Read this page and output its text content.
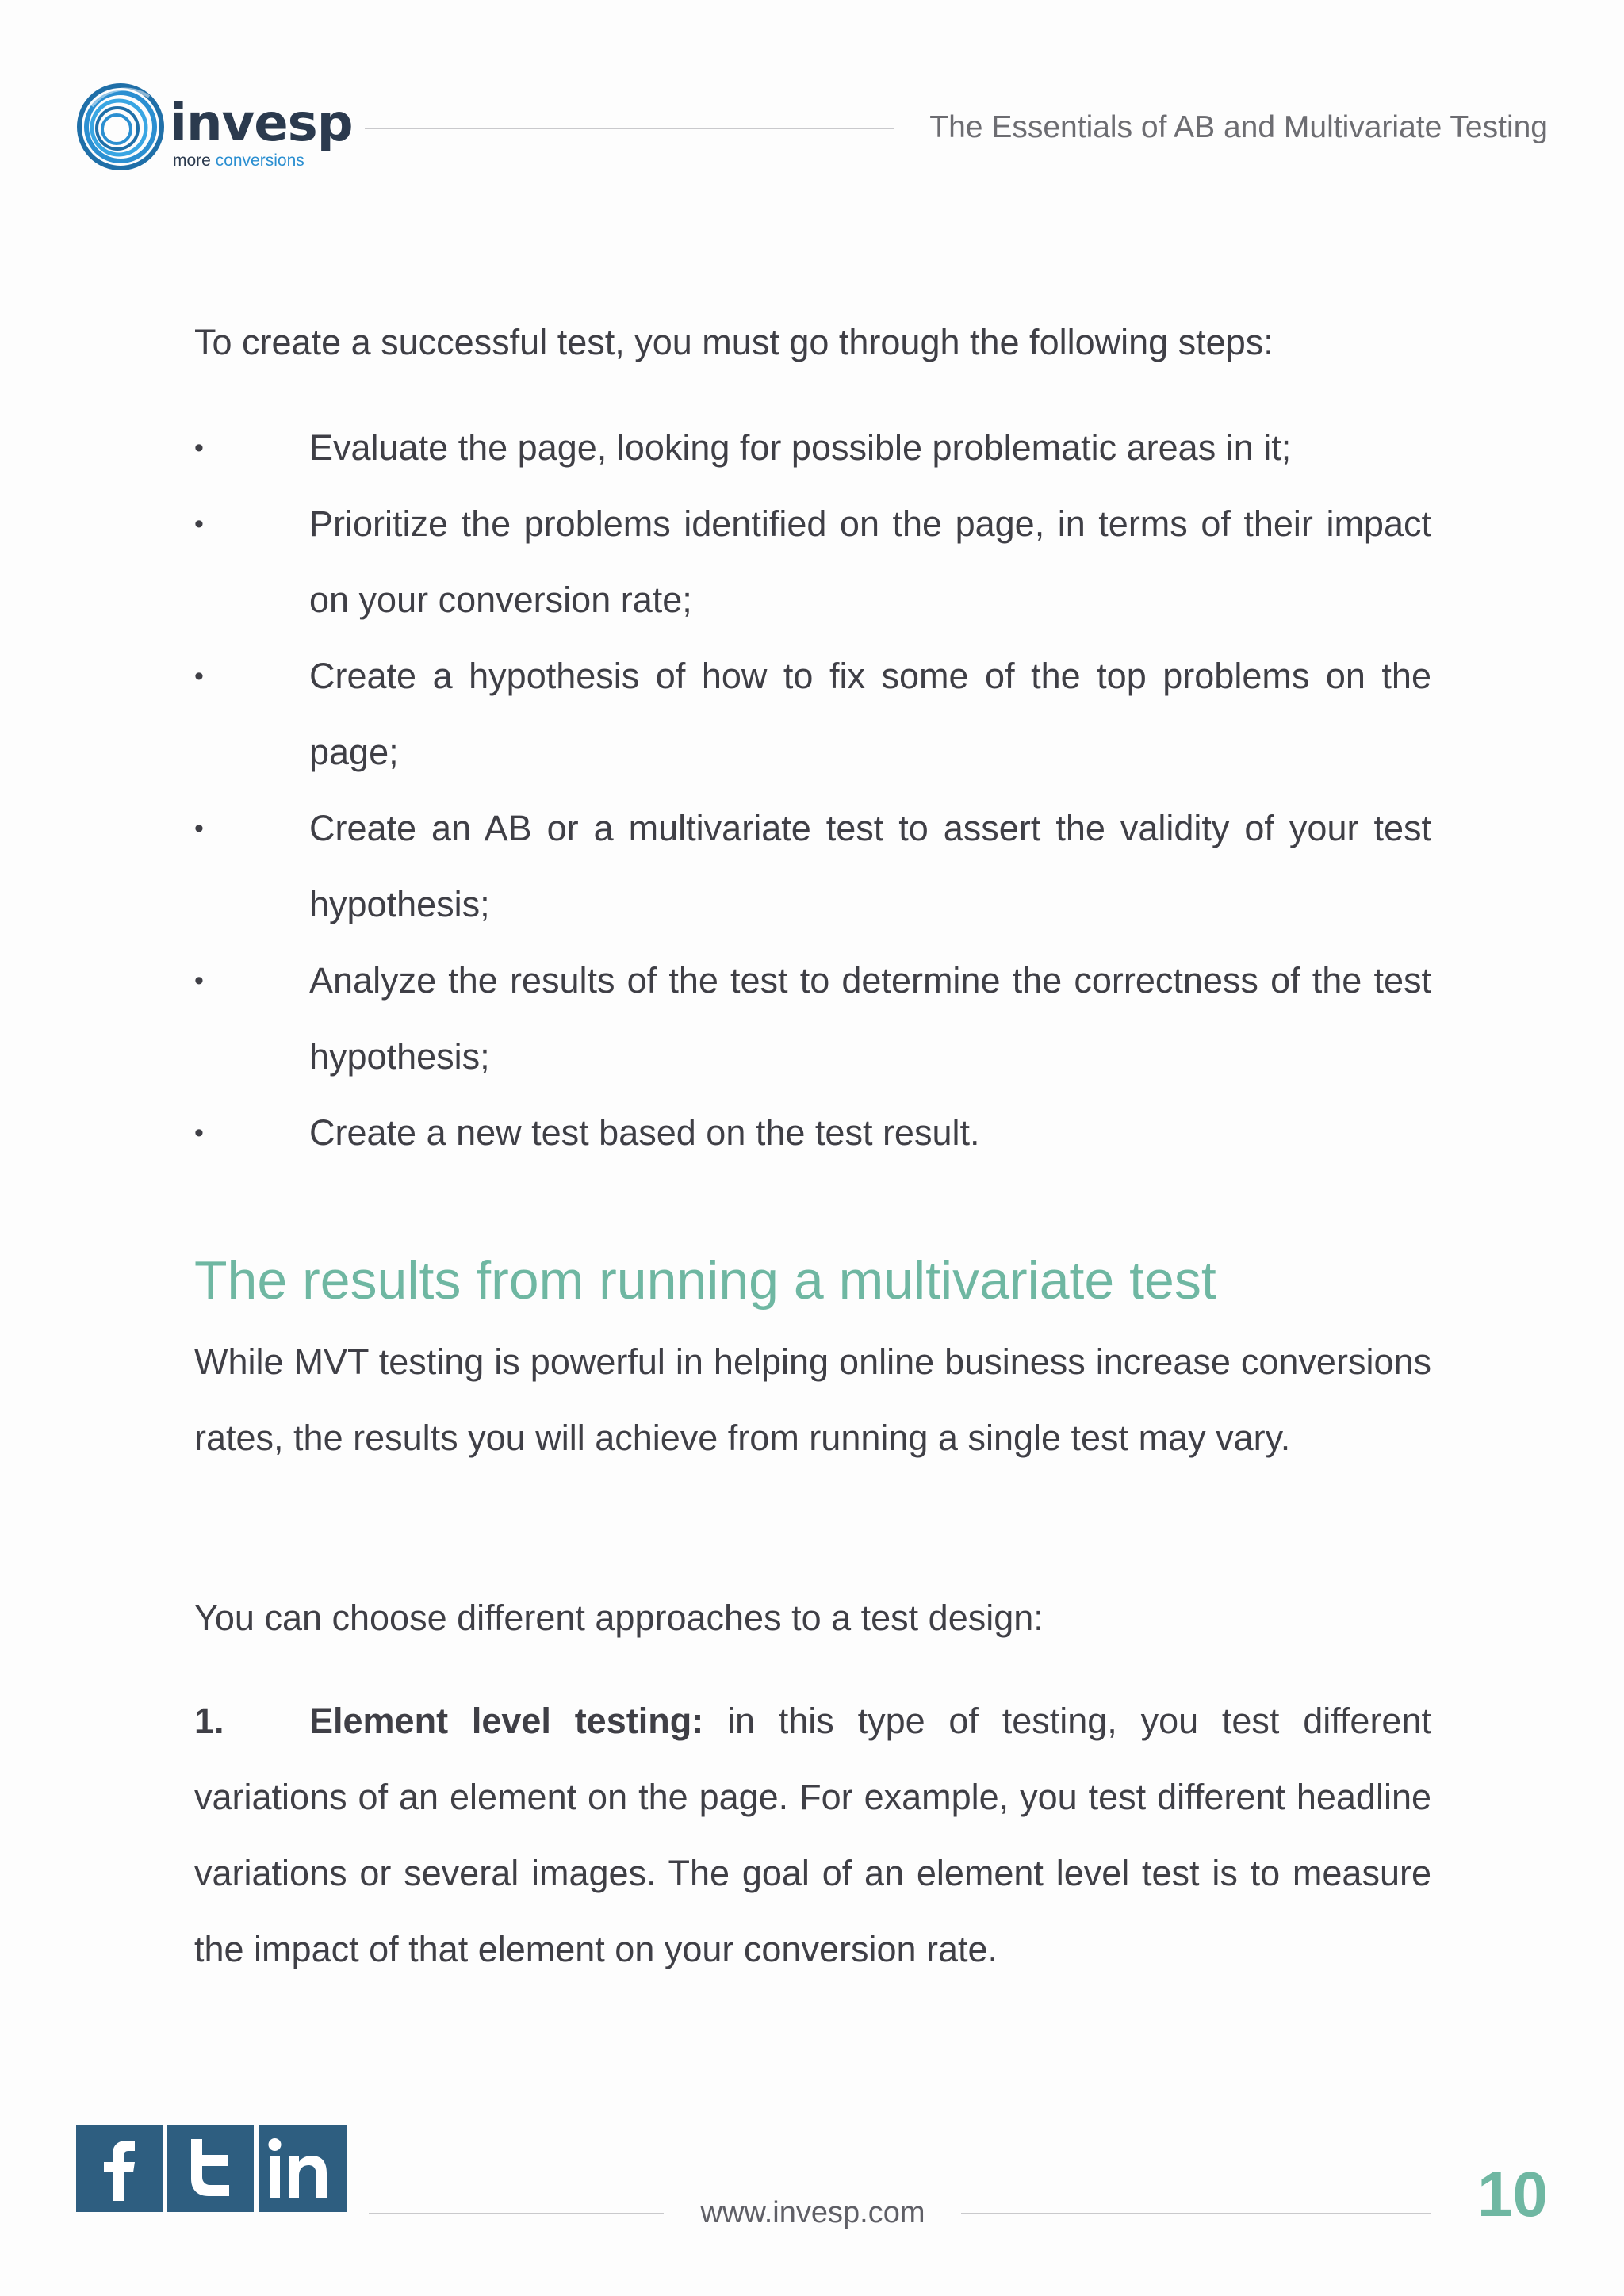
invesp
more conversions
The Essentials of AB and Multivariate Testing
To create a successful test, you must go through the following steps:
•	Evaluate the page, looking for possible problematic areas in it;
•	Prioritize the problems identified on the page, in terms of their impact on your conversion rate;
•	Create a hypothesis of how to fix some of the top problems on the page;
•	Create an AB or a multivariate test to assert the validity of your test hypothesis;
•	Analyze the results of the test to determine the correctness of the test hypothesis;
•	Create a new test based on the test result.
The results from running a multivariate test

While MVT testing is powerful in helping online business increase conversions rates, the results you will achieve from running a single test may vary.

You can choose different approaches to a test design:

1. Element level testing: in this type of testing, you test different variations of an element on the page. For example, you test different headline variations or several images. The goal of an element level test is to measure the impact of that element on your conversion rate.

www.invesp.com	10
